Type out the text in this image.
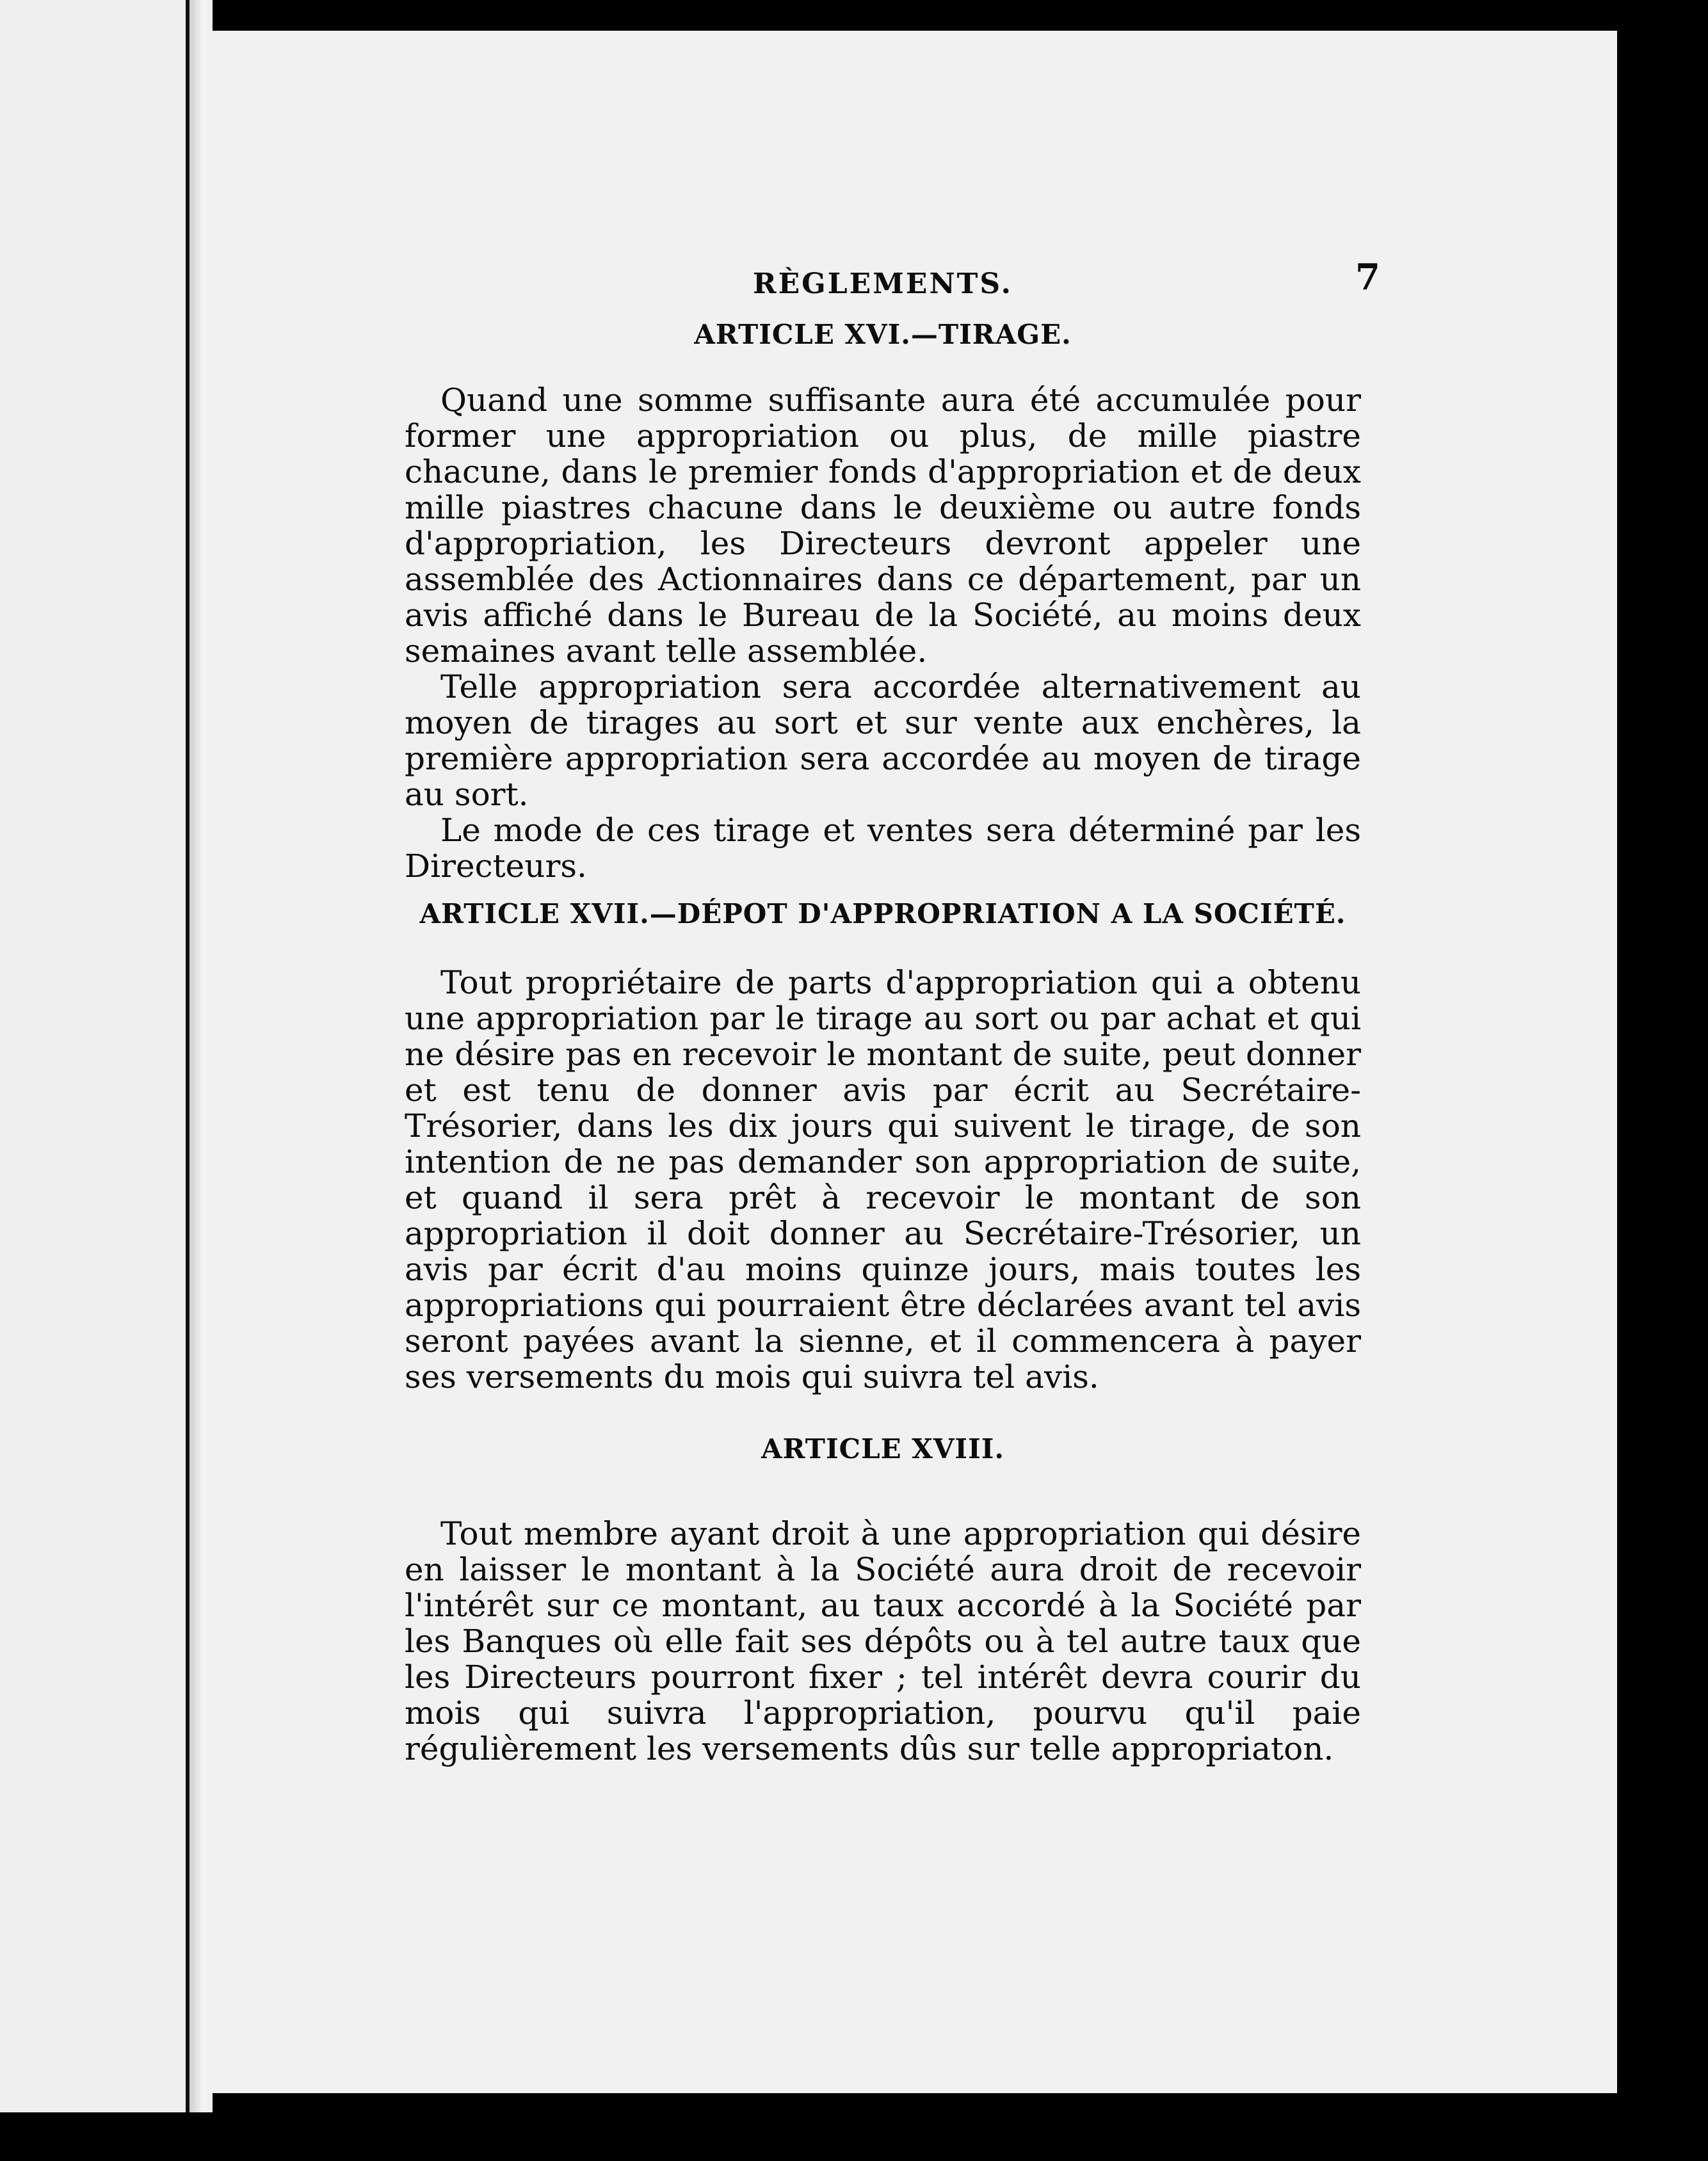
RÈGLEMENTS.	7
ARTICLE XVI.—TIRAGE.

Quand une somme suffisante aura été accumulée pour former une appropriation ou plus, de mille piastre chacune, dans le premier fonds d'appropriation et de deux mille piastres chacune dans le deuxième ou autre fonds d'appropriation, les Directeurs devront appeler une assemblée des Actionnaires dans ce département, par un avis affiché dans le Bureau de la Société, au moins deux semaines avant telle assemblée.

Telle appropriation sera accordée alternativement au moyen de tirages au sort et sur vente aux enchères, la première appropriation sera accordée au moyen de tirage au sort.

Le mode de ces tirage et ventes sera déterminé par les Directeurs.

ARTICLE XVII.—DÉPOT D'APPROPRIATION A LA SOCIÉTÉ.

Tout propriétaire de parts d'appropriation qui a obtenu une appropriation par le tirage au sort ou par achat et qui ne désire pas en recevoir le montant de suite, peut donner et est tenu de donner avis par écrit au Secrétaire-Trésorier, dans les dix jours qui suivent le tirage, de son intention de ne pas demander son appropriation de suite, et quand il sera prêt à recevoir le montant de son appropriation il doit donner au Secrétaire-Trésorier, un avis par écrit d'au moins quinze jours, mais toutes les appropriations qui pourraient être déclarées avant tel avis seront payées avant la sienne, et il commencera à payer ses versements du mois qui suivra tel avis.

ARTICLE XVIII.

Tout membre ayant droit à une appropriation qui désire en laisser le montant à la Société aura droit de recevoir l'intérêt sur ce montant, au taux accordé à la Société par les Banques où elle fait ses dépôts ou à tel autre taux que les Directeurs pourront fixer ; tel intérêt devra courir du mois qui suivra l'appropriation, pourvu qu'il paie régulièrement les versements dûs sur telle appropriaton.
